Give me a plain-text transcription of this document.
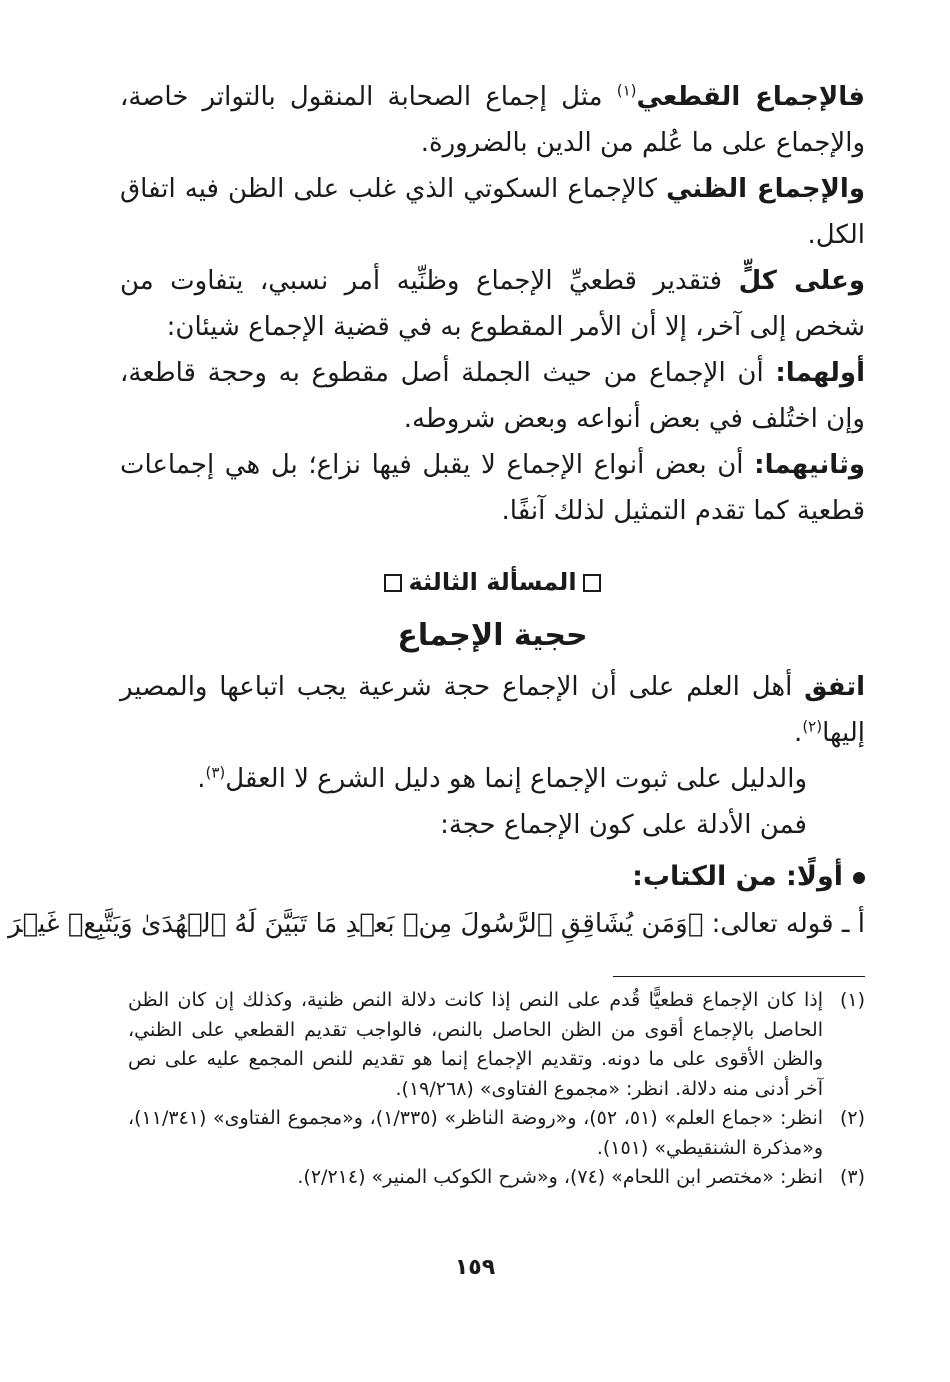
فالإجماع القطعي$^{(١)}$ مثل إجماع الصحابة المنقول بالتواتر خاصة، والإجماع على ما عُلم من الدين بالضرورة.

والإجماع الظني كالإجماع السكوتي الذي غلب على الظن فيه اتفاق الكل.

وعلى كلٍّ فتقدير قطعيِّ الإجماع وظنِّيه أمر نسبي، يتفاوت من شخص إلى آخر، إلا أن الأمر المقطوع به في قضية الإجماع شيئان:

أولهما: أن الإجماع من حيث الجملة أصل مقطوع به وحجة قاطعة، وإن اختُلف في بعض أنواعه وبعض شروطه.

وثانيهما: أن بعض أنواع الإجماع لا يقبل فيها نزاع؛ بل هي إجماعات قطعية كما تقدم التمثيل لذلك آنفًا.

المسألة الثالثة
حجية الإجماع

اتفق أهل العلم على أن الإجماع حجة شرعية يجب اتباعها والمصير إليها$^{(٢)}$.

والدليل على ثبوت الإجماع إنما هو دليل الشرع لا العقل$^{(٣)}$.

فمن الأدلة على كون الإجماع حجة:

أولًا: من الكتاب:
أ ـ قوله تعالى: ﴿وَمَن يُشَاقِقِ ٱلرَّسُولَ مِنۢ بَعۡدِ مَا تَبَيَّنَ لَهُ ٱلۡهُدَىٰ وَيَتَّبِعۡ غَيۡرَ
(١)
إذا كان الإجماع قطعيًّا قُدم على النص إذا كانت دلالة النص ظنية، وكذلك إن كان الظن الحاصل بالإجماع أقوى من الظن الحاصل بالنص، فالواجب تقديم القطعي على الظني، والظن الأقوى على ما دونه. وتقديم الإجماع إنما هو تقديم للنص المجمع عليه على نص آخر أدنى منه دلالة. انظر: «مجموع الفتاوى» (١٩/٢٦٨).
(٢)
انظر: «جماع العلم» (٥١، ٥٢)، و«روضة الناظر» (١/٣٣٥)، و«مجموع الفتاوى» (١١/٣٤١)، و«مذكرة الشنقيطي» (١٥١).
(٣)
انظر: «مختصر ابن اللحام» (٧٤)، و«شرح الكوكب المنير» (٢/٢١٤).
١٥٩
